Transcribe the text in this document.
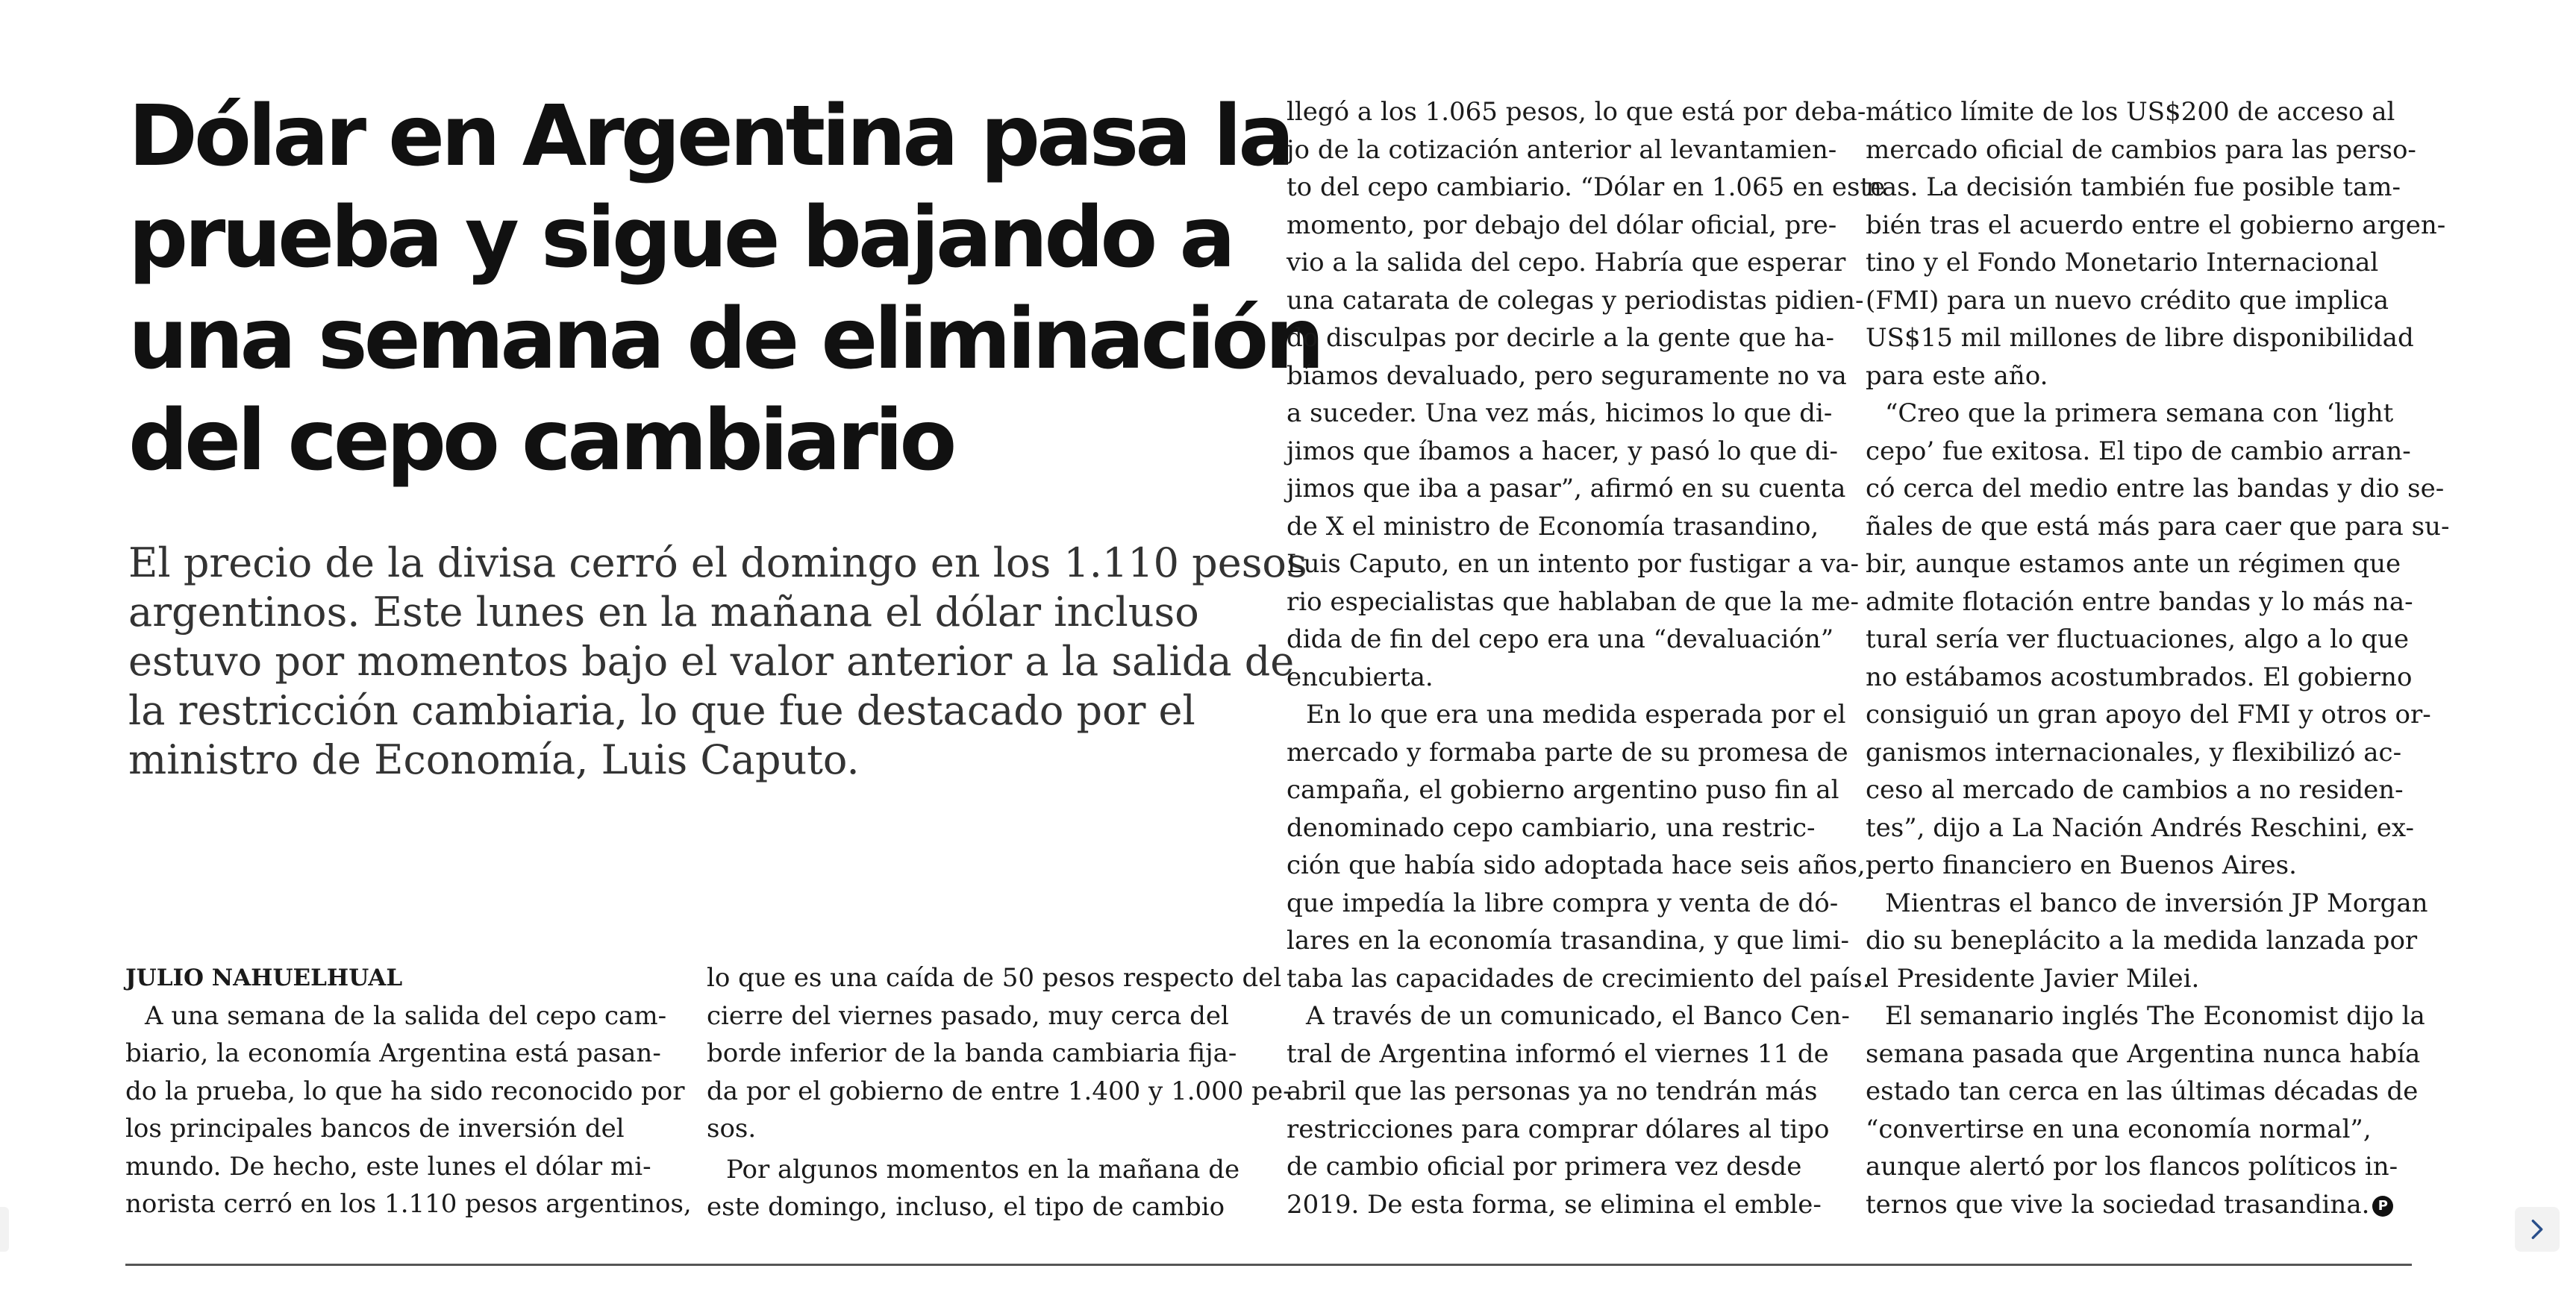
Dólar en Argentina pasa la
prueba y sigue bajando a
una semana de eliminación
del cepo cambiario

El precio de la divisa cerró el domingo en los 1.110 pesos
argentinos. Este lunes en la mañana el dólar incluso
estuvo por momentos bajo el valor anterior a la salida de
la restricción cambiaria, lo que fue destacado por el
ministro de Economía, Luis Caputo.

JULIO NAHUELHUAL
A una semana de la salida del cepo cam-
biario, la economía Argentina está pasan-
do la prueba, lo que ha sido reconocido por
los principales bancos de inversión del
mundo. De hecho, este lunes el dólar mi-
norista cerró en los 1.110 pesos argentinos,
lo que es una caída de 50 pesos respecto del
cierre del viernes pasado, muy cerca del
borde inferior de la banda cambiaria fija-
da por el gobierno de entre 1.400 y 1.000 pe-
sos.
Por algunos momentos en la mañana de
este domingo, incluso, el tipo de cambio
llegó a los 1.065 pesos, lo que está por deba-
jo de la cotización anterior al levantamien-
to del cepo cambiario. “Dólar en 1.065 en este
momento, por debajo del dólar oficial, pre-
vio a la salida del cepo. Habría que esperar
una catarata de colegas y periodistas pidien-
do disculpas por decirle a la gente que ha-
bíamos devaluado, pero seguramente no va
a suceder. Una vez más, hicimos lo que di-
jimos que íbamos a hacer, y pasó lo que di-
jimos que iba a pasar”, afirmó en su cuenta
de X el ministro de Economía trasandino,
Luis Caputo, en un intento por fustigar a va-
rio especialistas que hablaban de que la me-
dida de fin del cepo era una “devaluación”
encubierta.
En lo que era una medida esperada por el
mercado y formaba parte de su promesa de
campaña, el gobierno argentino puso fin al
denominado cepo cambiario, una restric-
ción que había sido adoptada hace seis años,
que impedía la libre compra y venta de dó-
lares en la economía trasandina, y que limi-
taba las capacidades de crecimiento del país.
A través de un comunicado, el Banco Cen-
tral de Argentina informó el viernes 11 de
abril que las personas ya no tendrán más
restricciones para comprar dólares al tipo
de cambio oficial por primera vez desde
2019. De esta forma, se elimina el emble-
mático límite de los US$200 de acceso al
mercado oficial de cambios para las perso-
nas. La decisión también fue posible tam-
bién tras el acuerdo entre el gobierno argen-
tino y el Fondo Monetario Internacional
(FMI) para un nuevo crédito que implica
US$15 mil millones de libre disponibilidad
para este año.
“Creo que la primera semana con ‘light
cepo’ fue exitosa. El tipo de cambio arran-
có cerca del medio entre las bandas y dio se-
ñales de que está más para caer que para su-
bir, aunque estamos ante un régimen que
admite flotación entre bandas y lo más na-
tural sería ver fluctuaciones, algo a lo que
no estábamos acostumbrados. El gobierno
consiguió un gran apoyo del FMI y otros or-
ganismos internacionales, y flexibilizó ac-
ceso al mercado de cambios a no residen-
tes”, dijo a La Nación Andrés Reschini, ex-
perto financiero en Buenos Aires.
Mientras el banco de inversión JP Morgan
dio su beneplácito a la medida lanzada por
el Presidente Javier Milei.
El semanario inglés The Economist dijo la
semana pasada que Argentina nunca había
estado tan cerca en las últimas décadas de
“convertirse en una economía normal”,
aunque alertó por los flancos políticos in-
ternos que vive la sociedad trasandina. P
